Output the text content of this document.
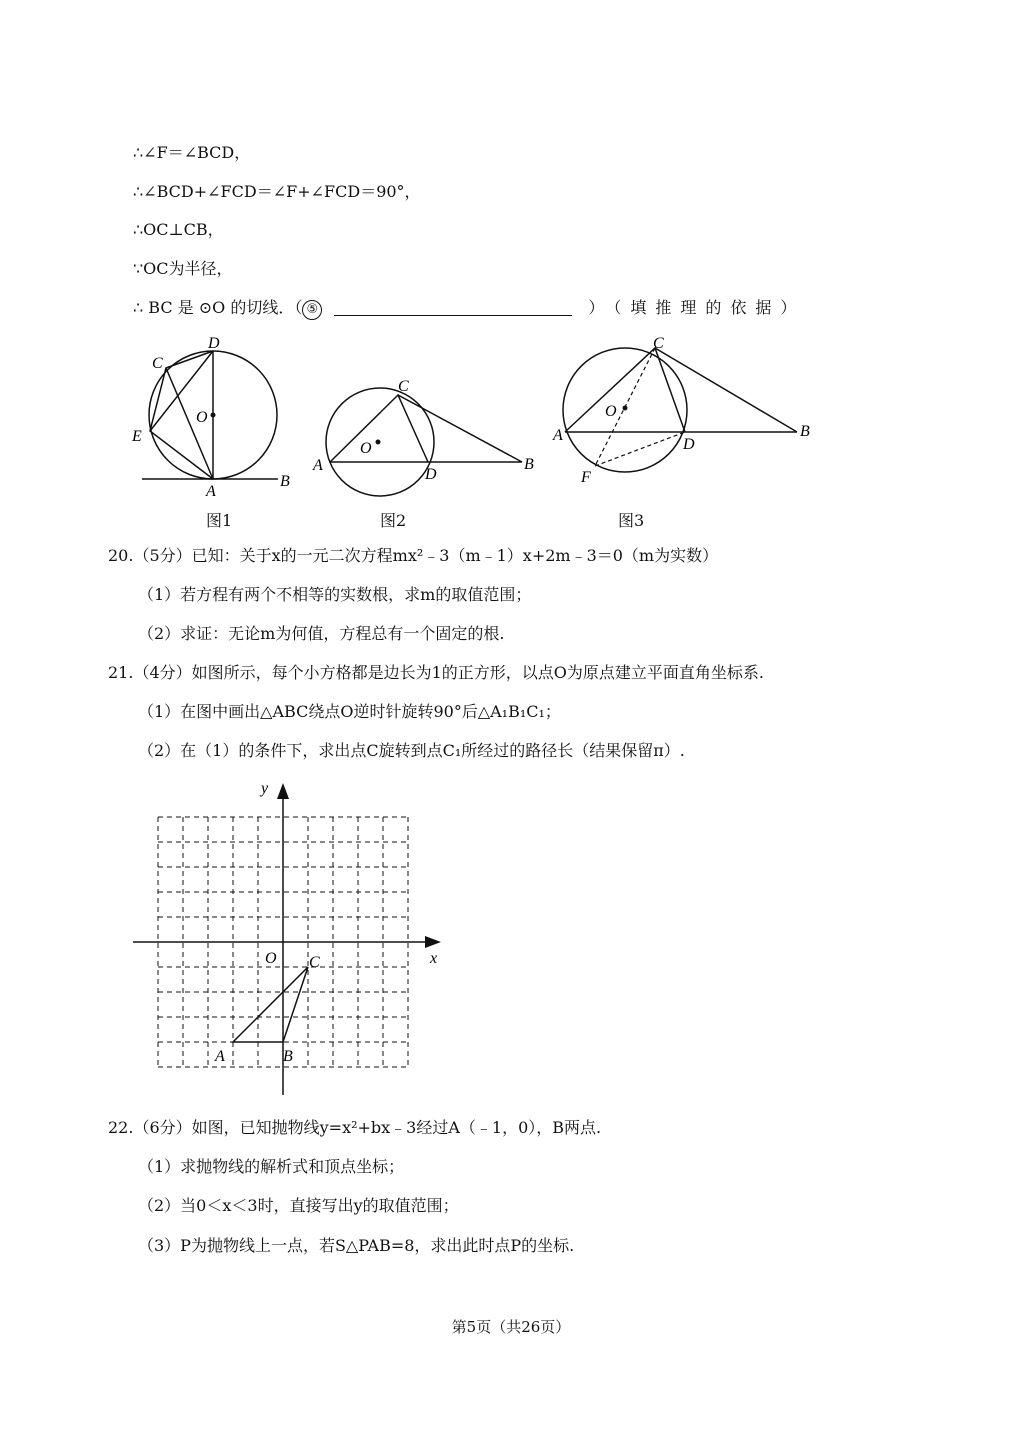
∴∠F＝∠BCD，
∴∠BCD+∠FCD＝∠F+∠FCD＝90°，
∴OC⊥CB，
∵OC为半径，
∴ BC 是 ⊙O 的切线．（ ⑤	）（填推理的依据）
D
C
O
E
A
B
图1
C
O
A
D
B
图2
C
O
A
D
B
F
图3
20.（5分）已知：关于x的一元二次方程mx²﹣3（m﹣1）x+2m﹣3＝0（m为实数）
（1）若方程有两个不相等的实数根，求m的取值范围；
（2）求证：无论m为何值，方程总有一个固定的根.
21.（4分）如图所示，每个小方格都是边长为1的正方形，以点O为原点建立平面直角坐标系.
（1）在图中画出△ABC绕点O逆时针旋转90°后△A₁B₁C₁；
（2）在（1）的条件下，求出点C旋转到点C₁所经过的路径长（结果保留π）.
y
x
O C
A	B
22.（6分）如图，已知抛物线y=x²+bx﹣3经过A（﹣1，0），B两点.
（1）求抛物线的解析式和顶点坐标；
（2）当0＜x＜3时，直接写出y的取值范围；
（3）P为抛物线上一点，若S△PAB=8，求出此时点P的坐标.
第5页（共26页）
